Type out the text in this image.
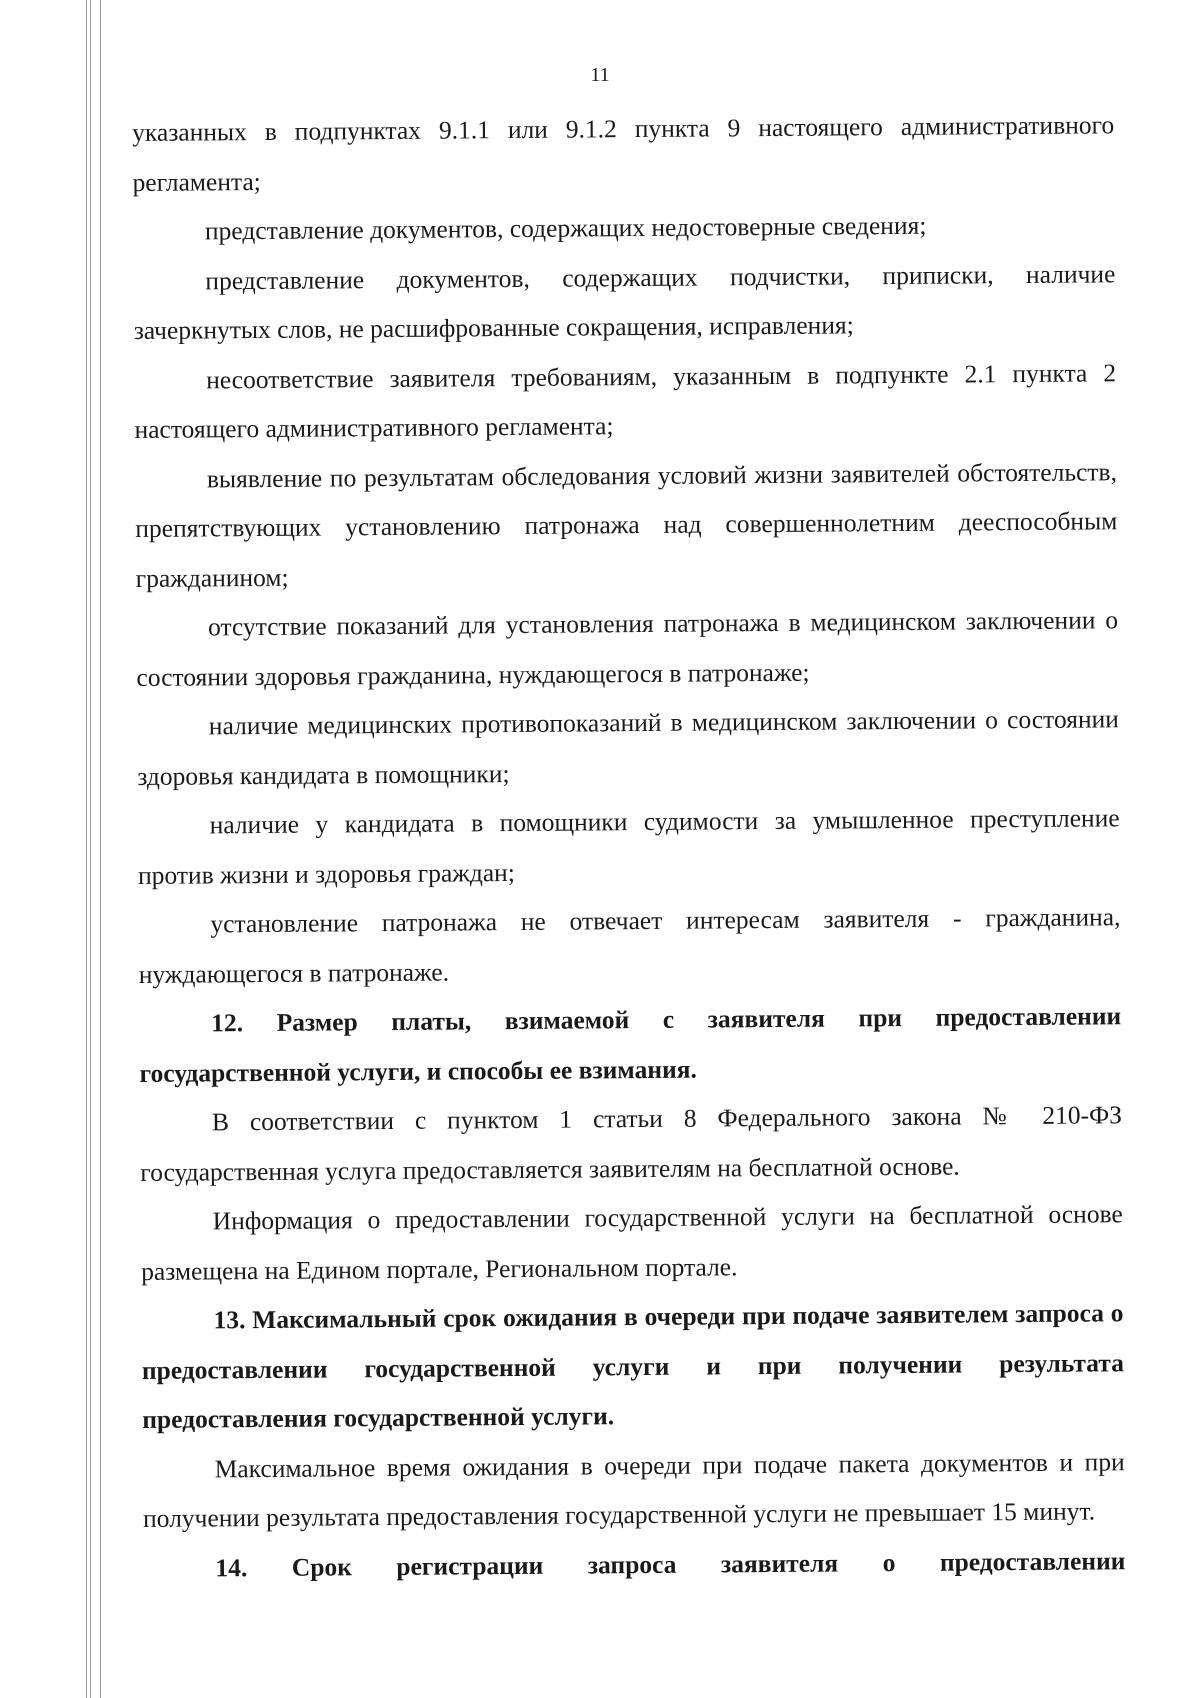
11

указанных в подпунктах 9.1.1 или 9.1.2 пункта 9 настоящего административного регламента;

представление документов, содержащих недостоверные сведения;

представление документов, содержащих подчистки, приписки, наличие зачеркнутых слов, не расшифрованные сокращения, исправления;

несоответствие заявителя требованиям, указанным в подпункте 2.1 пункта 2 настоящего административного регламента;

выявление по результатам обследования условий жизни заявителей обстоятельств, препятствующих установлению патронажа над совершеннолетним дееспособным гражданином;

отсутствие показаний для установления патронажа в медицинском заключении о состоянии здоровья гражданина, нуждающегося в патронаже;

наличие медицинских противопоказаний в медицинском заключении о состоянии здоровья кандидата в помощники;

наличие у кандидата в помощники судимости за умышленное преступление против жизни и здоровья граждан;

установление патронажа не отвечает интересам заявителя - гражданина, нуждающегося в патронаже.

12. Размер платы, взимаемой с заявителя при предоставлении государственной услуги, и способы ее взимания.

В соответствии с пунктом 1 статьи 8 Федерального закона № 210-ФЗ государственная услуга предоставляется заявителям на бесплатной основе.

Информация о предоставлении государственной услуги на бесплатной основе размещена на Едином портале, Региональном портале.

13. Максимальный срок ожидания в очереди при подаче заявителем запроса о предоставлении государственной услуги и при получении результата предоставления государственной услуги.

Максимальное время ожидания в очереди при подаче пакета документов и при получении результата предоставления государственной услуги не превышает 15 минут.

14. Срок регистрации запроса заявителя о предоставлении
